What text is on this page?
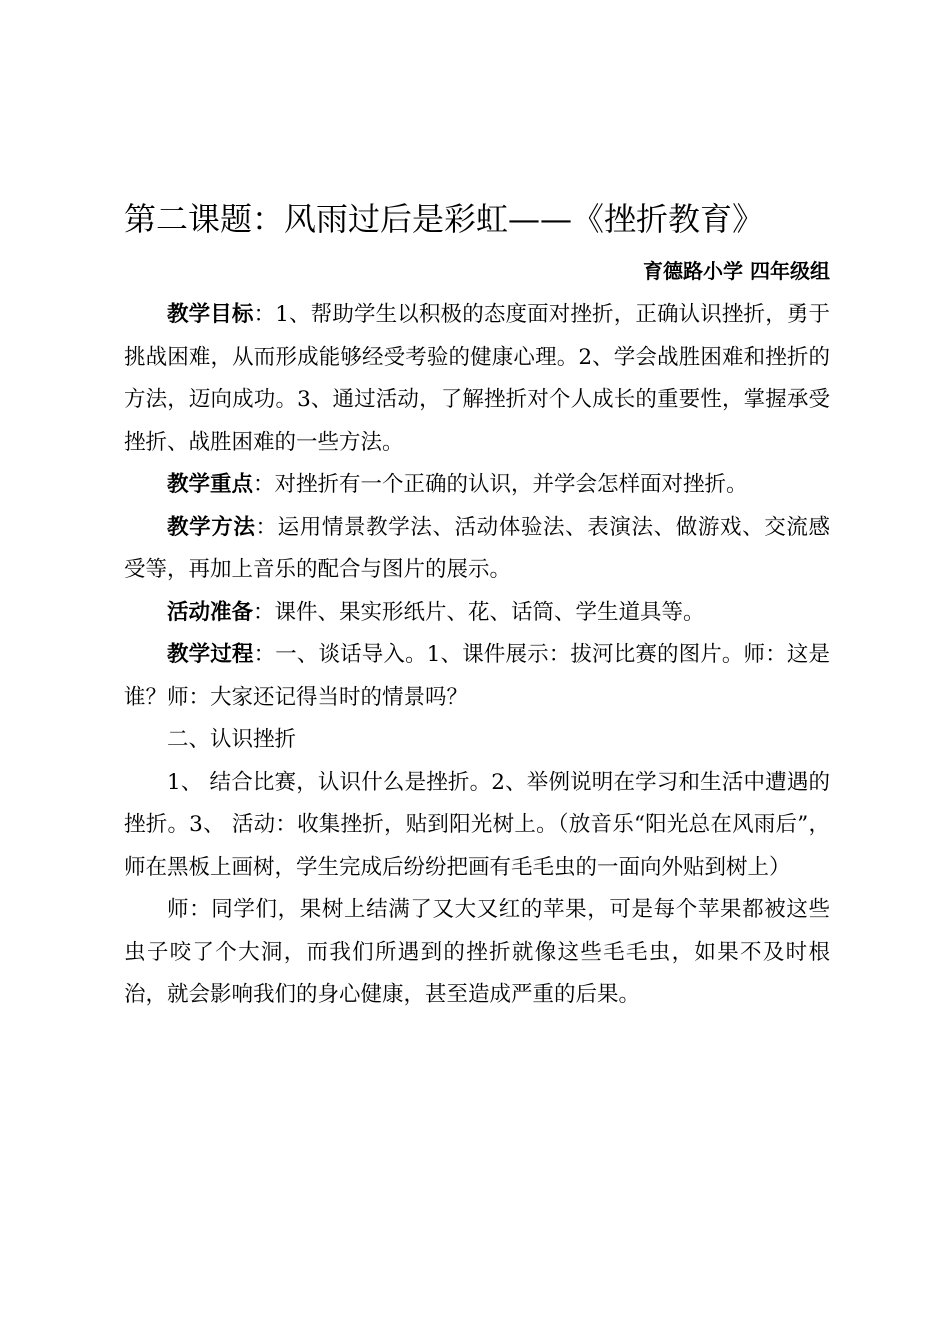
第二课题：风雨过后是彩虹——《挫折教育》
育德路小学 四年级组

教学目标：1、帮助学生以积极的态度面对挫折，正确认识挫折，勇于挑战困难，从而形成能够经受考验的健康心理。2、学会战胜困难和挫折的方法，迈向成功。3、通过活动，了解挫折对个人成长的重要性，掌握承受挫折、战胜困难的一些方法。

教学重点：对挫折有一个正确的认识，并学会怎样面对挫折。

教学方法：运用情景教学法、活动体验法、表演法、做游戏、交流感受等，再加上音乐的配合与图片的展示。

活动准备：课件、果实形纸片、花、话筒、学生道具等。

教学过程：一、谈话导入。1、课件展示：拔河比赛的图片。师：这是谁？师：大家还记得当时的情景吗？

二、认识挫折

1、 结合比赛，认识什么是挫折。2、举例说明在学习和生活中遭遇的挫折。3、 活动：收集挫折，贴到阳光树上。（放音乐“阳光总在风雨后”，师在黑板上画树，学生完成后纷纷把画有毛毛虫的一面向外贴到树上）

师：同学们，果树上结满了又大又红的苹果，可是每个苹果都被这些虫子咬了个大洞，而我们所遇到的挫折就像这些毛毛虫，如果不及时根治，就会影响我们的身心健康，甚至造成严重的后果。
